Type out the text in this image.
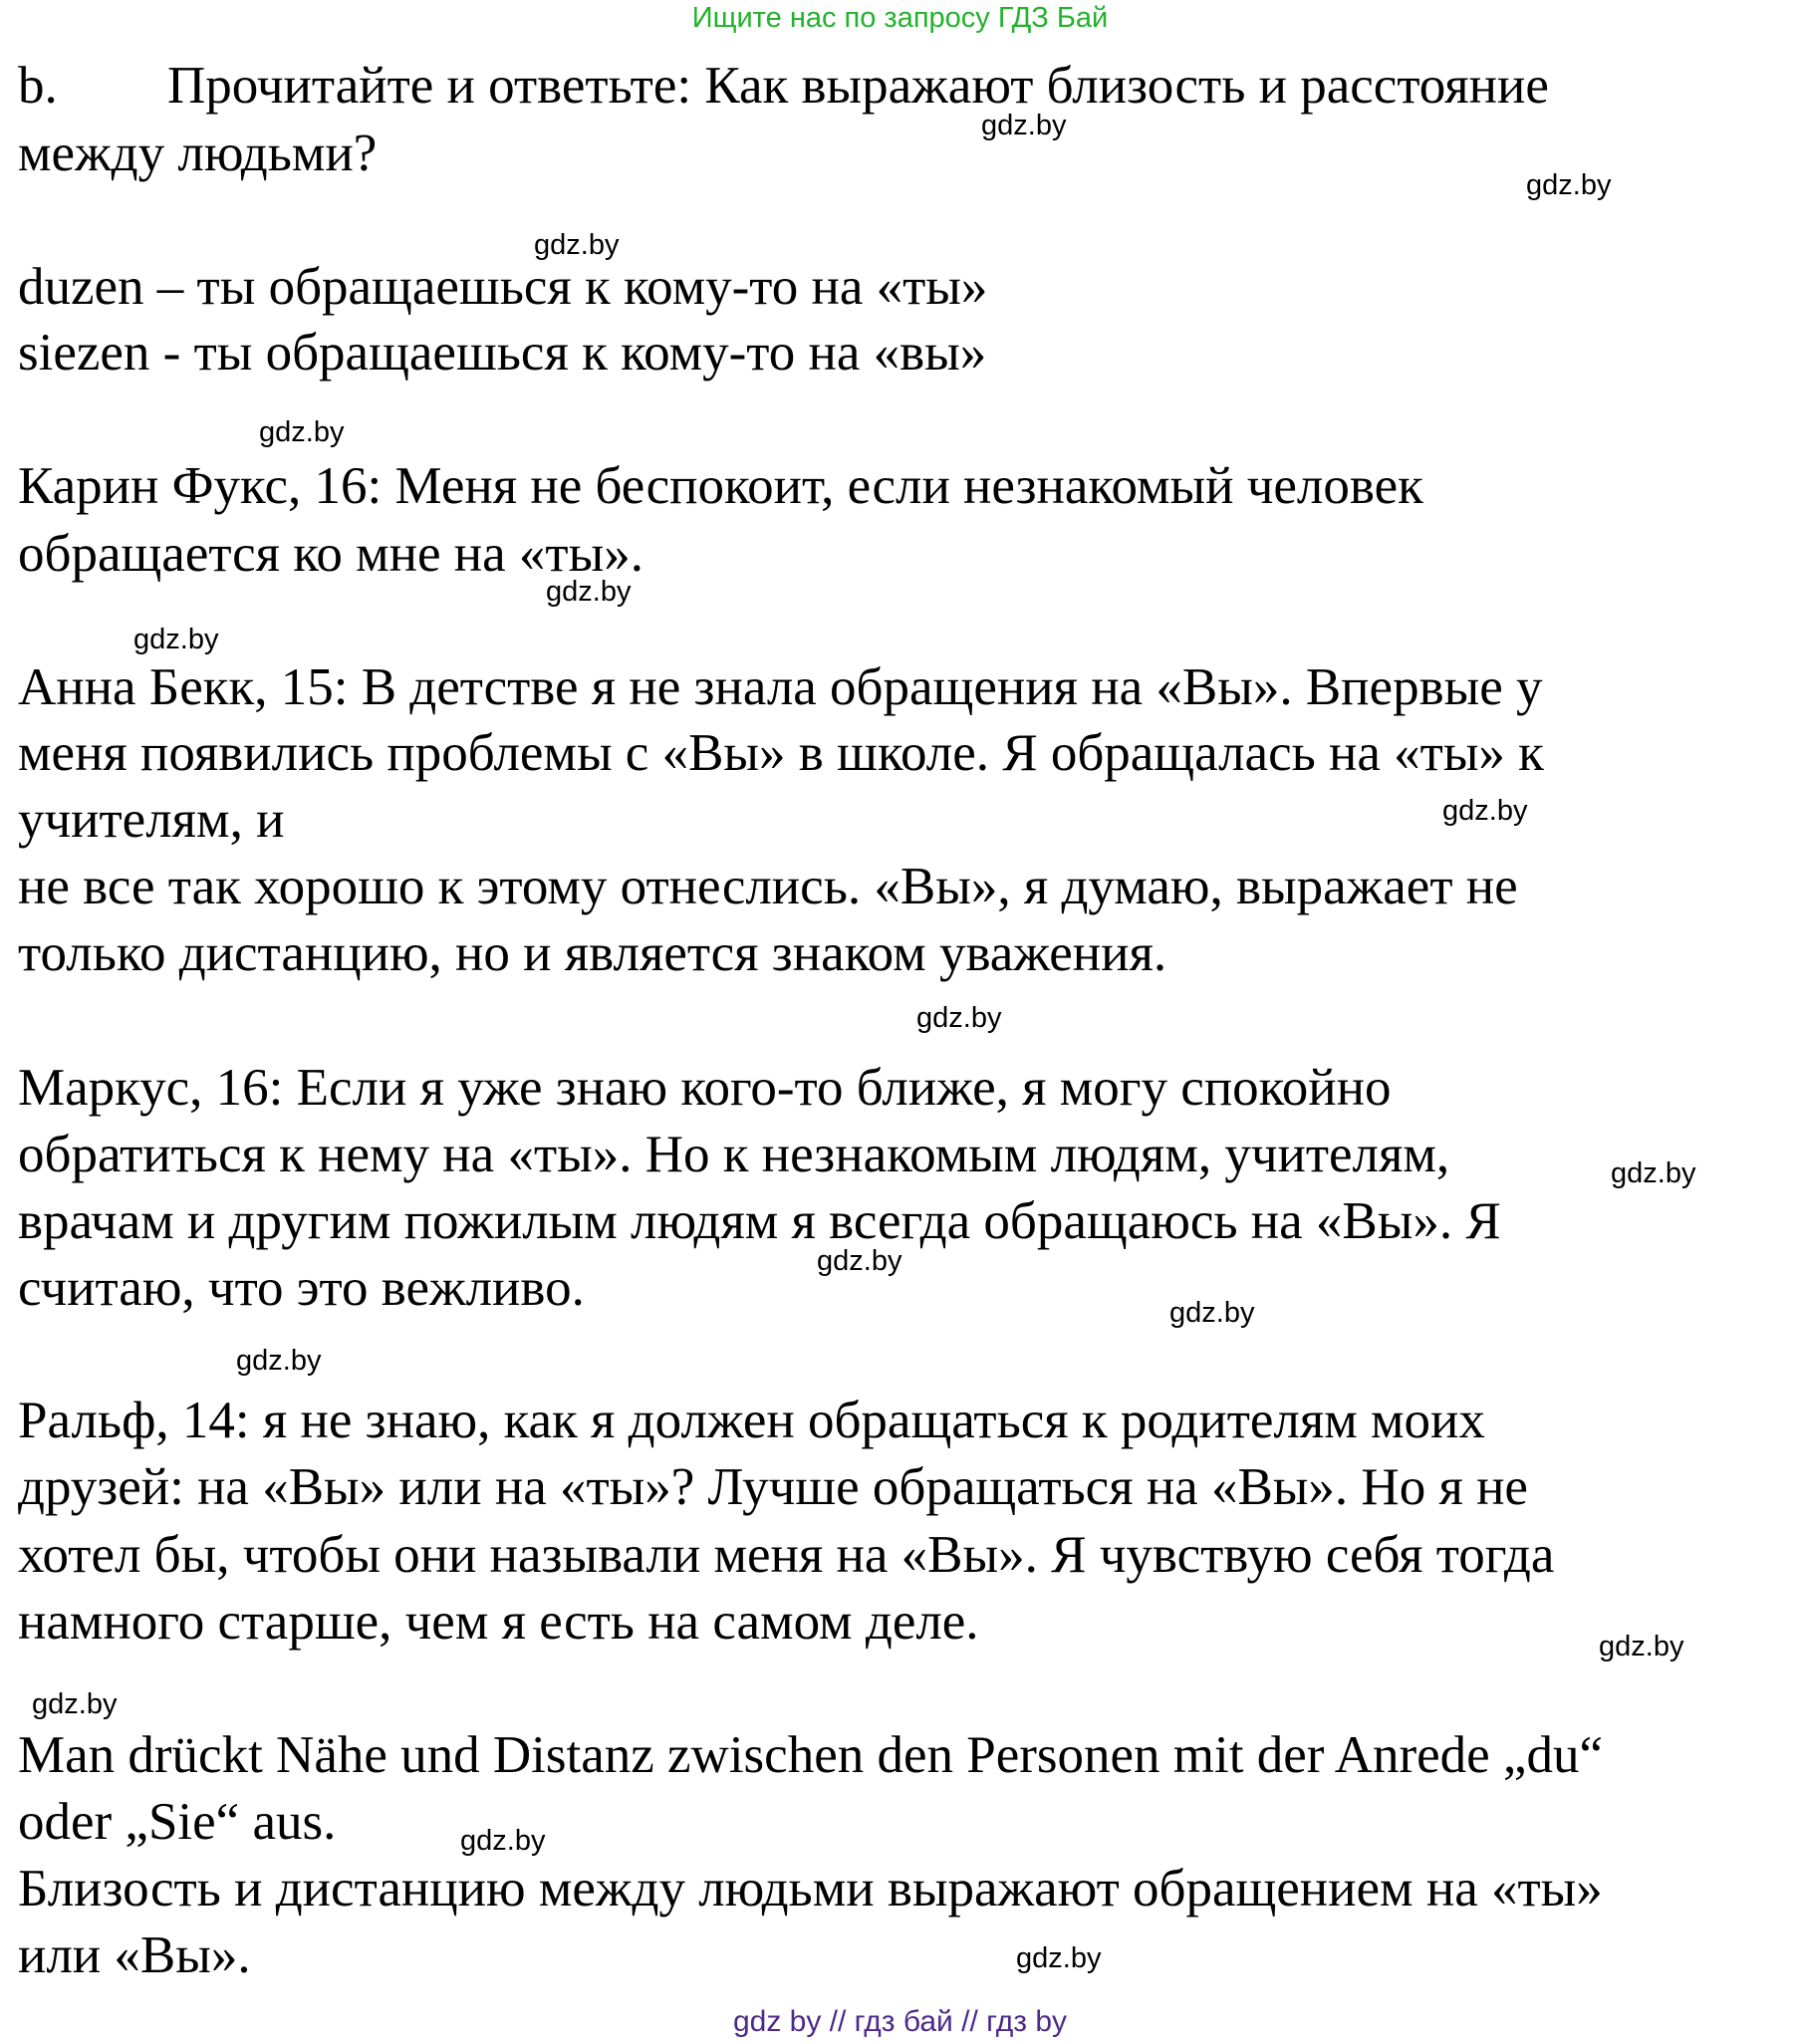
Ищите нас по запросу ГДЗ Бай
b. Прочитайте и ответьте: Как выражают близость и расстояние
между людьми?
duzen – ты обращаешься к кому-то на «ты»
siezen - ты обращаешься к кому-то на «вы»
Карин Фукс, 16: Меня не беспокоит, если незнакомый человек
обращается ко мне на «ты».
Анна Бекк, 15: В детстве я не знала обращения на «Вы». Впервые у
меня появились проблемы с «Вы» в школе. Я обращалась на «ты» к
учителям, и
не все так хорошо к этому отнеслись. «Вы», я думаю, выражает не
только дистанцию, но и является знаком уважения.
Маркус, 16: Если я уже знаю кого-то ближе, я могу спокойно
обратиться к нему на «ты». Но к незнакомым людям, учителям,
врачам и другим пожилым людям я всегда обращаюсь на «Вы». Я
считаю, что это вежливо.
Ральф, 14: я не знаю, как я должен обращаться к родителям моих
друзей: на «Вы» или на «ты»? Лучше обращаться на «Вы». Но я не
хотел бы, чтобы они называли меня на «Вы». Я чувствую себя тогда
намного старше, чем я есть на самом деле.
Man drückt Nähe und Distanz zwischen den Personen mit der Anrede „du“
oder „Sie“ aus.
Близость и дистанцию между людьми выражают обращением на «ты»
или «Вы».
gdz.by
gdz.by
gdz.by
gdz.by
gdz.by
gdz.by
gdz.by
gdz.by
gdz.by
gdz.by
gdz.by
gdz.by
gdz.by
gdz.by
gdz.by
gdz.by
gdz by // гдз бай // гдз by
